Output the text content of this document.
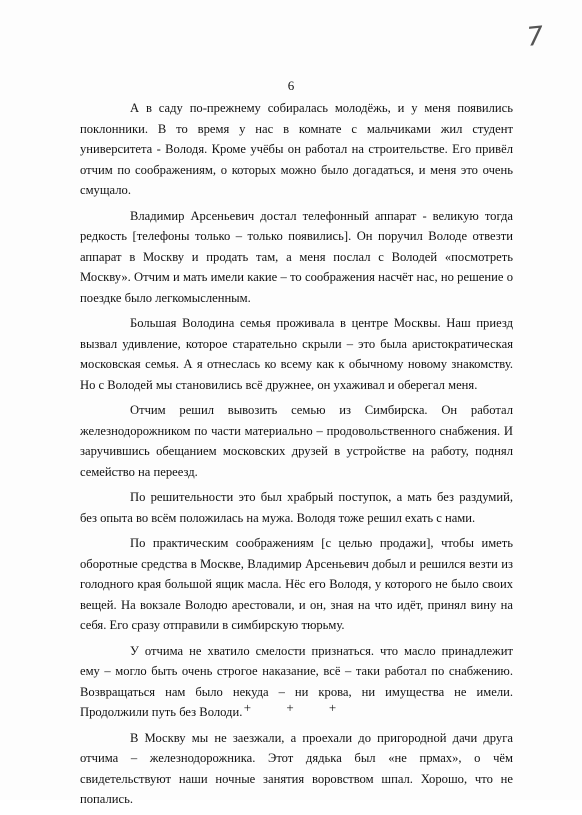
7
6

А в саду по-прежнему собиралась молодёжь, и у меня появились поклонники. В то время у нас в комнате с мальчиками жил студент университета - Володя. Кроме учёбы он работал на строительстве. Его привёл отчим по соображениям, о которых можно было догадаться, и меня это очень смущало.

Владимир Арсеньевич достал телефонный аппарат - великую тогда редкость [телефоны только – только появились]. Он поручил Володе отвезти аппарат в Москву и продать там, а меня послал с Володей «посмотреть Москву». Отчим и мать имели какие – то соображения насчёт нас, но решение о поездке было легкомысленным.

Большая Володина семья проживала в центре Москвы. Наш приезд вызвал удивление, которое старательно скрыли – это была аристократическая московская семья. А я отнеслась ко всему как к обычному новому знакомству. Но с Володей мы становились всё дружнее, он ухаживал и оберегал меня.

Отчим решил вывозить семью из Симбирска. Он работал железнодорожником по части материально – продовольственного снабжения. И заручившись обещанием московских друзей в устройстве на работу, поднял семейство на переезд.

По решительности это был храбрый поступок, а мать без раздумий, без опыта во всём положилась на мужа. Володя тоже решил ехать с нами.

По практическим соображениям [с целью продажи], чтобы иметь оборотные средства в Москве, Владимир Арсеньевич добыл и решился везти из голодного края большой ящик масла. Нёс его Володя, у которого не было своих вещей. На вокзале Володю арестовали, и он, зная на что идёт, принял вину на себя. Его сразу отправили в симбирскую тюрьму.

У отчима не хватило смелости признаться. что масло принадлежит ему – могло быть очень строгое наказание, всё – таки работал по снабжению. Возвращаться нам было некуда – ни крова, ни имущества не имели. Продолжили путь без Володи.

В Москву мы не заезжали, а проехали до пригородной дачи друга отчима – железнодорожника. Этот дядька был «не прмах», о чём свидетельствуют наши ночные занятия воровством шпал. Хорошо, что не попались.

+	+	+
